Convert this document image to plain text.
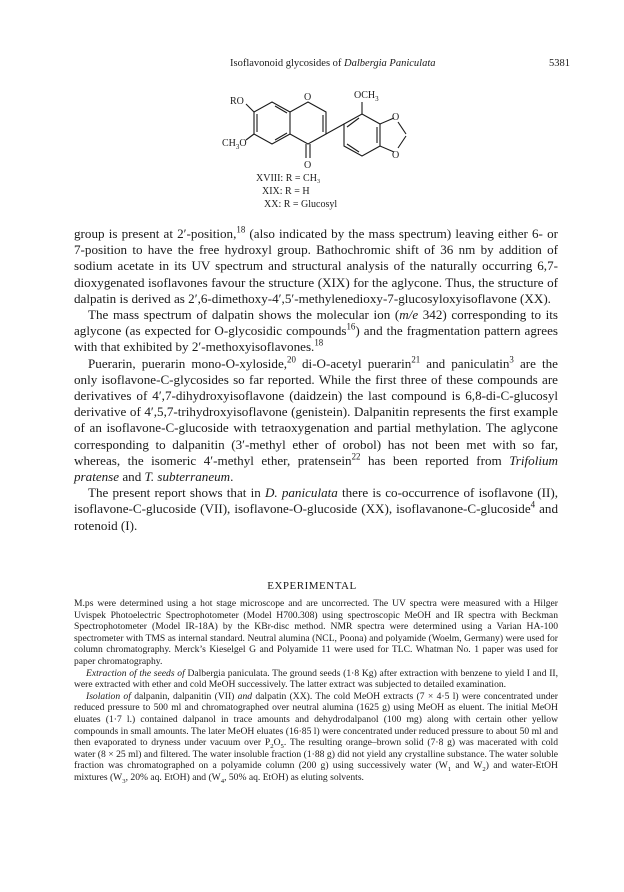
Isoflavonoid glycosides of Dalbergia Paniculata	5381
RO	O	$OCH_3$
$CH_3O$
O
O
O
XVIII: R = CH₃
XIX: R = H
XX: R = Glucosyl

group is present at 2′-position,$^{18}$ (also indicated by the mass spectrum) leaving either 6- or 7-position to have the free hydroxyl group. Bathochromic shift of 36 nm by addition of sodium acetate in its UV spectrum and structural analysis of the naturally occurring 6,7-dioxygenated isoflavones favour the structure (XIX) for the aglycone. Thus, the structure of dalpatin is derived as 2′,6-dimethoxy-4′,5′-methylenedioxy-7-glucosyloxyisoflavone (XX).

The mass spectrum of dalpatin shows the molecular ion (m/e 342) corresponding to its aglycone (as expected for O-glycosidic compounds$^{16}$) and the fragmentation pattern agrees with that exhibited by 2′-methoxyisoflavones.$^{18}$

Puerarin, puerarin mono-O-xyloside,$^{20}$ di-O-acetyl puerarin$^{21}$ and paniculatin$^3$ are the only isoflavone-C-glycosides so far reported. While the first three of these compounds are derivatives of 4′,7-dihydroxyisoflavone (daidzein) the last compound is 6,8-di-C-glucosyl derivative of 4′,5,7-trihydroxyisoflavone (genistein). Dalpanitin represents the first example of an isoflavone-C-glucoside with tetraoxygenation and partial methylation. The aglycone corresponding to dalpanitin (3′-methyl ether of orobol) has not been met with so far, whereas, the isomeric 4′-methyl ether, pratensein$^{22}$ has been reported from Trifolium pratense and T. subterraneum.

The present report shows that in D. paniculata there is co-occurrence of isoflavone (II), isoflavone-C-glucoside (VII), isoflavone-O-glucoside (XX), isoflavanone-C-glucoside$^4$ and rotenoid (I).

EXPERIMENTAL

M.ps were determined using a hot stage microscope and are uncorrected. The UV spectra were measured with a Hilger Uvispek Photoelectric Spectrophotometer (Model H700.308) using spectroscopic MeOH and IR spectra with Beckman Spectrophotometer (Model IR-18A) by the KBr-disc method. NMR spectra were determined using a Varian HA-100 spectrometer with TMS as internal standard. Neutral alumina (NCL, Poona) and polyamide (Woelm, Germany) were used for column chromatography. Merck’s Kieselgel G and Polyamide 11 were used for TLC. Whatman No. 1 paper was used for paper chromatography.

Extraction of the seeds of Dalbergia paniculata. The ground seeds (1·8 Kg) after extraction with benzene to yield I and II, were extracted with ether and cold MeOH successively. The latter extract was subjected to detailed examination.

Isolation of dalpanin, dalpanitin (VII) and dalpatin (XX). The cold MeOH extracts (7 × 4·5 l) were concentrated under reduced pressure to 500 ml and chromatographed over neutral alumina (1625 g) using MeOH as eluent. The initial MeOH eluates (1·7 l.) contained dalpanol in trace amounts and dehydrodalpanol (100 mg) along with certain other yellow compounds in small amounts. The later MeOH eluates (16·85 l) were concentrated under reduced pressure to about 50 ml and then evaporated to dryness under vacuum over $P_2O_5$. The resulting orange–brown solid (7·8 g) was macerated with cold water (8 × 25 ml) and filtered. The water insoluble fraction (1·88 g) did not yield any crystalline substance. The water soluble fraction was chromatographed on a polyamide column (200 g) using successively water ($W_1$ and $W_2$) and water-EtOH mixtures ($W_3$, 20% aq. EtOH) and ($W_4$, 50% aq. EtOH) as eluting solvents.
